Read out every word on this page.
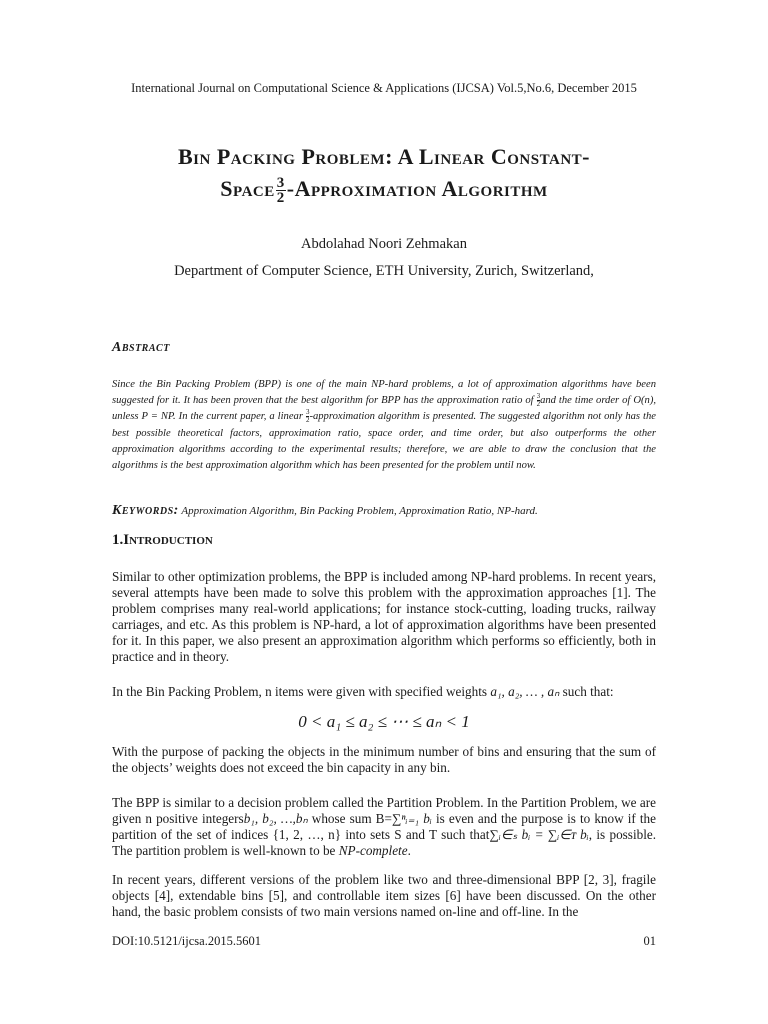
International Journal on Computational Science & Applications (IJCSA) Vol.5,No.6, December 2015
Bin Packing Problem: A Linear Constant-
Space $\frac{3}{2}$ -Approximation Algorithm
Abdolahad Noori Zehmakan
Department of Computer Science, ETH University, Zurich, Switzerland,
Abstract
Since the Bin Packing Problem (BPP) is one of the main NP-hard problems, a lot of approximation algorithms have been suggested for it. It has been proven that the best algorithm for BPP has the approximation ratio of $\frac{3}{2}$ and the time order of O(n), unless P = NP. In the current paper, a linear $\frac{3}{2}$ -approximation algorithm is presented. The suggested algorithm not only has the best possible theoretical factors, approximation ratio, space order, and time order, but also outperforms the other approximation algorithms according to the experimental results; therefore, we are able to draw the conclusion that the algorithms is the best approximation algorithm which has been presented for the problem until now.
Keywords: Approximation Algorithm, Bin Packing Problem, Approximation Ratio, NP-hard.
1.Introduction
Similar to other optimization problems, the BPP is included among NP-hard problems. In recent years, several attempts have been made to solve this problem with the approximation approaches [1]. The problem comprises many real-world applications; for instance stock-cutting, loading trucks, railway carriages, and etc. As this problem is NP-hard, a lot of approximation algorithms have been presented for it. In this paper, we also present an approximation algorithm which performs so efficiently, both in practice and in theory.
In the Bin Packing Problem, n items were given with specified weights a₁, a₂, … , aₙ such that:
0 < a₁ ≤ a₂ ≤ ⋯ ≤ aₙ < 1
With the purpose of packing the objects in the minimum number of bins and ensuring that the sum of the objects’ weights does not exceed the bin capacity in any bin.
The BPP is similar to a decision problem called the Partition Problem. In the Partition Problem, we are given n positive integersb₁, b₂, …,bₙ whose sum B=∑ⁿᵢ₌₁ bᵢ is even and the purpose is to know if the partition of the set of indices {1, 2, …, n} into sets S and T such that∑ᵢ∈ₛ bᵢ = ∑ᵢ∈ᴛ bᵢ, is possible. The partition problem is well-known to be NP-complete.
In recent years, different versions of the problem like two and three-dimensional BPP [2, 3], fragile objects [4], extendable bins [5], and controllable item sizes [6] have been discussed. On the other hand, the basic problem consists of two main versions named on-line and off-line. In the
DOI:10.5121/ijcsa.2015.5601	01
